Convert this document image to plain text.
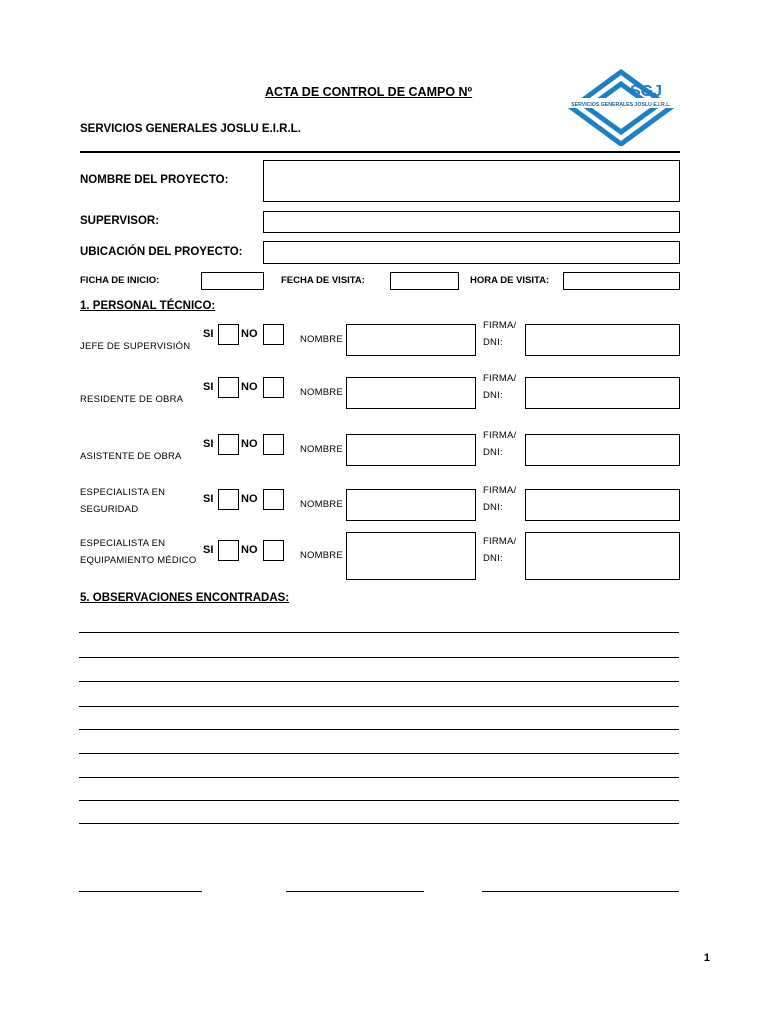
ACTA DE CONTROL DE CAMPO Nº
SERVICIOS GENERALES JOSLU E.I.R.L.
SERVICIOS GENERALES JOSLU E.I.R.L.
SGJ
NOMBRE DEL PROYECTO:
SUPERVISOR:
UBICACIÓN DEL PROYECTO:
FICHA DE INICIO:	FECHA DE VISITA:	HORA DE VISITA:
1. PERSONAL TÉCNICO:
JEFE DE SUPERVISIÓN
SI	NO	NOMBRE
FIRMA/
DNI:
RESIDENTE DE OBRA
SI	NO	NOMBRE
FIRMA/
DNI:
ASISTENTE DE OBRA
SI	NO	NOMBRE
FIRMA/
DNI:
ESPECIALISTA EN
SEGURIDAD
SI	NO	NOMBRE
FIRMA/
DNI:
ESPECIALISTA EN
EQUIPAMIENTO MÉDICO
SI	NO	NOMBRE
FIRMA/
DNI:
5. OBSERVACIONES ENCONTRADAS:
1
